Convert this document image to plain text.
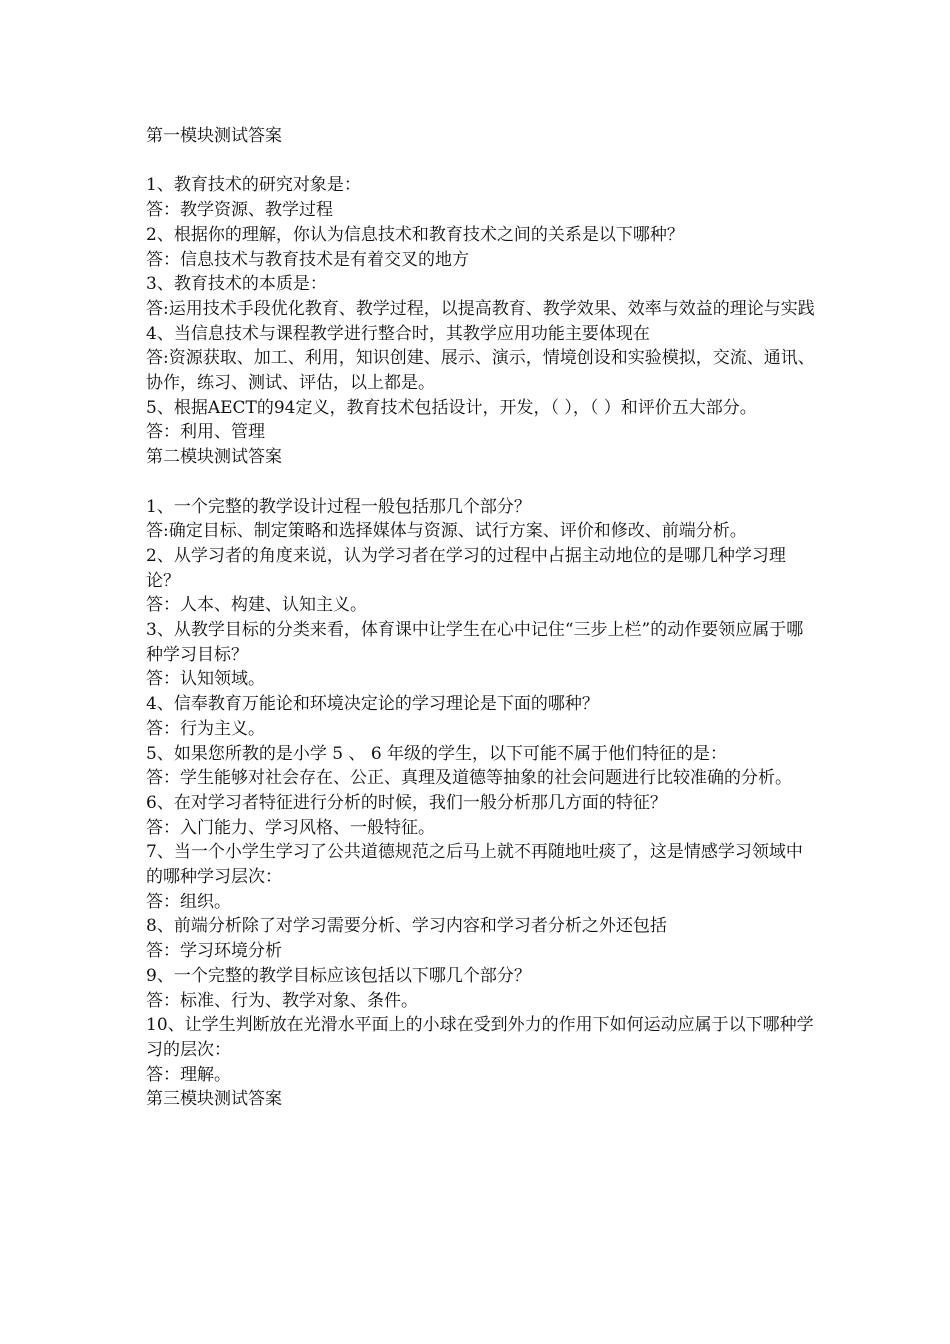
第一模块测试答案

1、教育技术的研究对象是：

答：教学资源、教学过程

2、根据你的理解，你认为信息技术和教育技术之间的关系是以下哪种？

答：信息技术与教育技术是有着交叉的地方

3、教育技术的本质是：

答:运用技术手段优化教育、教学过程，以提高教育、教学效果、效率与效益的理论与实践

4、当信息技术与课程教学进行整合时，其教学应用功能主要体现在

答:资源获取、加工、利用，知识创建、展示、演示，情境创设和实验模拟，交流、通讯、协作，练习、测试、评估，以上都是。

5、根据AECT的94定义，教育技术包括设计，开发，（ ），（ ）和评价五大部分。

答：利用、管理

第二模块测试答案

1、一个完整的教学设计过程一般包括那几个部分？

答:确定目标、制定策略和选择媒体与资源、试行方案、评价和修改、前端分析。

2、从学习者的角度来说，认为学习者在学习的过程中占据主动地位的是哪几种学习理论？

答：人本、构建、认知主义。

3、从教学目标的分类来看，体育课中让学生在心中记住“三步上栏”的动作要领应属于哪种学习目标？

答：认知领域。

4、信奉教育万能论和环境决定论的学习理论是下面的哪种？

答：行为主义。

5、如果您所教的是小学 5 、 6 年级的学生，以下可能不属于他们特征的是：

答：学生能够对社会存在、公正、真理及道德等抽象的社会问题进行比较准确的分析。

6、在对学习者特征进行分析的时候，我们一般分析那几方面的特征？

答：入门能力、学习风格、一般特征。

7、当一个小学生学习了公共道德规范之后马上就不再随地吐痰了，这是情感学习领域中的哪种学习层次：

答：组织。

8、前端分析除了对学习需要分析、学习内容和学习者分析之外还包括

答：学习环境分析

9、一个完整的教学目标应该包括以下哪几个部分？

答：标准、行为、教学对象、条件。

10、让学生判断放在光滑水平面上的小球在受到外力的作用下如何运动应属于以下哪种学习的层次：

答：理解。

第三模块测试答案
